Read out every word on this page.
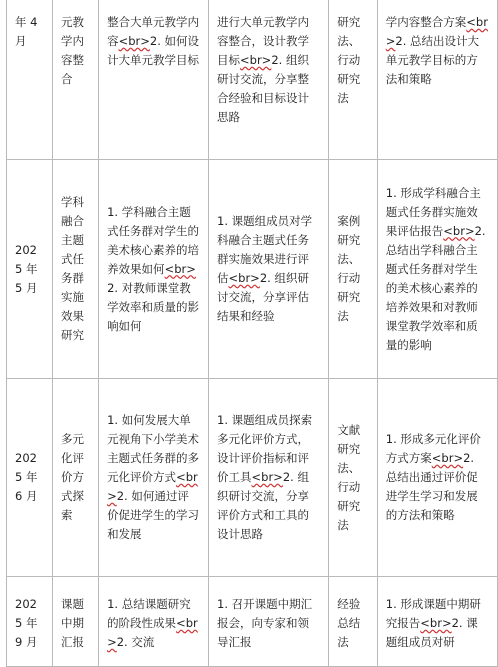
年 4 月	元教学内容整合	整合大单元教学内容<br>2. 如何设计大单元教学目标	进行大单元教学内容整合，设计教学目标<br>2. 组织研讨交流，分享整合经验和目标设计思路	研究法、行动研究法	学内容整合方案<br>2. 总结出设计大单元教学目标的方法和策略
2025 年 5 月	学科融合主题式任务群实施效果研究	1. 学科融合主题式任务群对学生的美术核心素养的培养效果如何<br>2. 对教师课堂教学效率和质量的影响如何	1. 课题组成员对学科融合主题式任务群实施效果进行评估<br>2. 组织研讨交流，分享评估结果和经验	案例研究法、行动研究法	1. 形成学科融合主题式任务群实施效果评估报告<br>2. 总结出学科融合主题式任务群对学生的美术核心素养的培养效果和对教师课堂教学效率和质量的影响
2025 年 6 月	多元化评价方式探索	1. 如何发展大单元视角下小学美术主题式任务群的多元化评价方式<br>2. 如何通过评价促进学生的学习和发展	1. 课题组成员探索多元化评价方式，设计评价指标和评价工具<br>2. 组织研讨交流，分享评价方式和工具的设计思路	文献研究法、行动研究法	1. 形成多元化评价方式方案<br>2. 总结出通过评价促进学生学习和发展的方法和策略
2025 年 9 月	课题中期汇报	1. 总结课题研究的阶段性成果<br>2. 交流	1. 召开课题中期汇报会，向专家和领导汇报	经验总结法	1. 形成课题中期研究报告<br>2. 课题组成员对研
